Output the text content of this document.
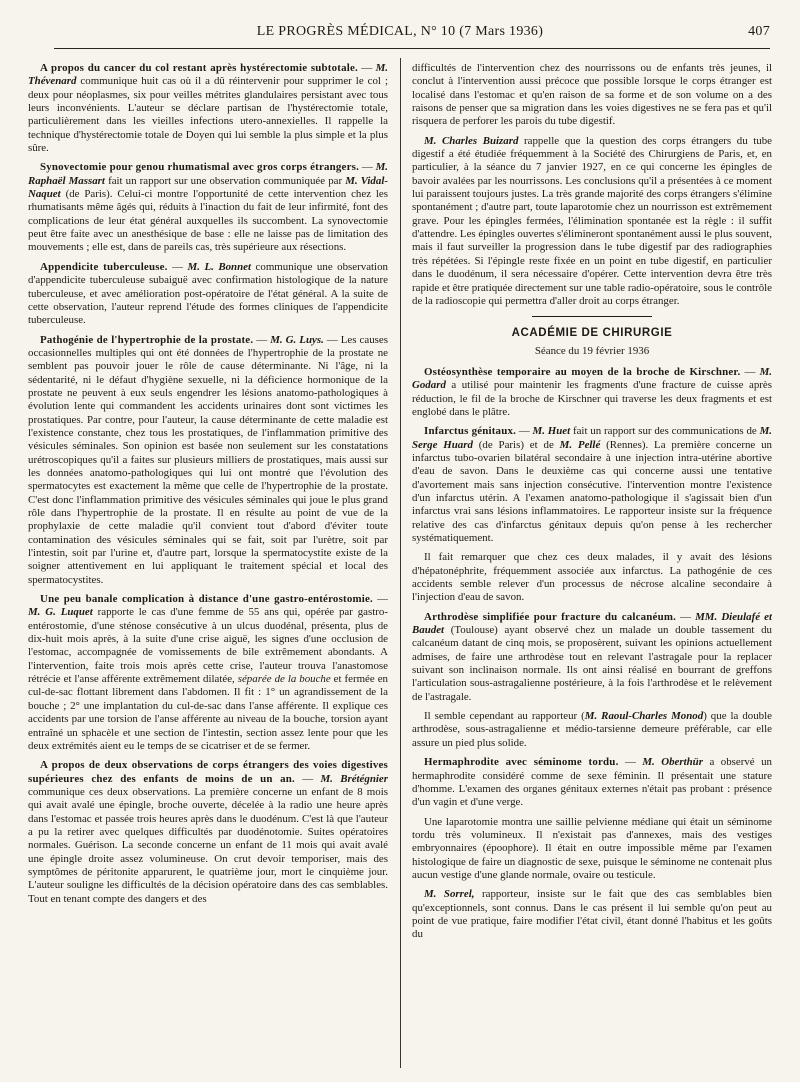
LE PROGRÈS MÉDICAL, N° 10 (7 Mars 1936)	407

A propos du cancer du col restant après hystérectomie subtotale. — M. Thévenard communique huit cas où il a dû réintervenir pour supprimer le col ; deux pour néoplasmes, six pour veilles métrites glandulaires persistant avec tous leurs inconvénients. L'auteur se déclare partisan de l'hystérectomie totale, particulièrement dans les vieilles infections utero-annexielles. Il rappelle la technique d'hystérectomie totale de Doyen qui lui semble la plus simple et la plus sûre.

Synovectomie pour genou rhumatismal avec gros corps étrangers. — M. Raphaël Massart fait un rapport sur une observation communiquée par M. Vidal-Naquet (de Paris). Celui-ci montre l'opportunité de cette intervention chez les rhumatisants même âgés qui, réduits à l'inaction du fait de leur infirmité, font des complications de leur état général auxquelles ils succombent. La synovectomie peut être faite avec un anesthésique de base : elle ne laisse pas de limitation des mouvements ; elle est, dans de pareils cas, très supérieure aux résections.

Appendicite tuberculeuse. — M. L. Bonnet communique une observation d'appendicite tuberculeuse subaiguë avec confirmation histologique de la nature tuberculeuse, et avec amélioration post-opératoire de l'état général. A la suite de cette observation, l'auteur reprend l'étude des formes cliniques de l'appendicite tuberculeuse.

Pathogénie de l'hypertrophie de la prostate. — M. G. Luys. — Les causes occasionnelles multiples qui ont été données de l'hypertrophie de la prostate ne semblent pas pouvoir jouer le rôle de cause déterminante. Ni l'âge, ni la sédentarité, ni le défaut d'hygiène sexuelle, ni la déficience hormonique de la prostate ne peuvent à eux seuls engendrer les lésions anatomo-pathologiques à évolution lente qui commandent les accidents urinaires dont sont victimes les prostatiques. Par contre, pour l'auteur, la cause déterminante de cette maladie est l'existence constante, chez tous les prostatiques, de l'inflammation primitive des vésicules séminales. Son opinion est basée non seulement sur les constatations urétroscopiques qu'il a faites sur plusieurs milliers de prostatiques, mais aussi sur les données anatomo-pathologiques qui lui ont montré que l'évolution des spermatocytes est exactement la même que celle de l'hypertrophie de la prostate. C'est donc l'inflammation primitive des vésicules séminales qui joue le plus grand rôle dans l'hypertrophie de la prostate. Il en résulte au point de vue de la prophylaxie de cette maladie qu'il convient tout d'abord d'éviter toute contamination des vésicules séminales qui se fait, soit par l'urètre, soit par l'intestin, soit par l'urine et, d'autre part, lorsque la spermatocystite existe de la soigner attentivement en lui appliquant le traitement spécial et local des spermatocystites.

Une peu banale complication à distance d'une gastro-entérostomie. — M. G. Luquet rapporte le cas d'une femme de 55 ans qui, opérée par gastro-entérostomie, d'une sténose consécutive à un ulcus duodénal, présenta, plus de dix-huit mois après, à la suite d'une crise aiguë, les signes d'une occlusion de l'estomac, accompagnée de vomissements de bile extrêmement abondants. A l'intervention, faite trois mois après cette crise, l'auteur trouva l'anastomose rétrécie et l'anse afférente extrêmement dilatée, séparée de la bouche et fermée en cul-de-sac flottant librement dans l'abdomen. Il fit : 1° un agrandissement de la bouche ; 2° une implantation du cul-de-sac dans l'anse afférente. Il explique ces accidents par une torsion de l'anse afférente au niveau de la bouche, torsion ayant entraîné un sphacèle et une section de l'intestin, section assez lente pour que les deux extrémités aient eu le temps de se cicatriser et de se fermer.

A propos de deux observations de corps étrangers des voies digestives supérieures chez des enfants de moins de un an. — M. Brétégnier communique ces deux observations. La première concerne un enfant de 8 mois qui avait avalé une épingle, broche ouverte, décelée à la radio une heure après dans l'estomac et passée trois heures après dans le duodénum. C'est là que l'auteur a pu la retirer avec quelques difficultés par duodénotomie. Suites opératoires normales. Guérison. La seconde concerne un enfant de 11 mois qui avait avalé une épingle droite assez volumineuse. On crut devoir temporiser, mais des symptômes de péritonite apparurent, le quatrième jour, mort le cinquième jour. L'auteur souligne les difficultés de la décision opératoire dans des cas semblables. Tout en tenant compte des dangers et des

difficultés de l'intervention chez des nourrissons ou de enfants très jeunes, il conclut à l'intervention aussi précoce que possible lorsque le corps étranger est localisé dans l'estomac et qu'en raison de sa forme et de son volume on a des raisons de penser que sa migration dans les voies digestives ne se fera pas et qu'il risquera de perforer les parois du tube digestif.

M. Charles Buizard rappelle que la question des corps étrangers du tube digestif a été étudiée fréquemment à la Société des Chirurgiens de Paris, et, en particulier, à la séance du 7 janvier 1927, en ce qui concerne les épingles de bavoir avalées par les nourrissons. Les conclusions qu'il a présentées à ce moment lui paraissent toujours justes. La très grande majorité des corps étrangers s'élimine spontanément ; d'autre part, toute laparotomie chez un nourrisson est extrêmement grave. Pour les épingles fermées, l'élimination spontanée est la règle : il suffit d'attendre. Les épingles ouvertes s'élimineront spontanément aussi le plus souvent, mais il faut surveiller la progression dans le tube digestif par des radiographies très répétées. Si l'épingle reste fixée en un point en tube digestif, en particulier dans le duodénum, il sera nécessaire d'opérer. Cette intervention devra être très rapide et être pratiquée directement sur une table radio-opératoire, sous le contrôle de la radioscopie qui permettra d'aller droit au corps étranger.

ACADÉMIE DE CHIRURGIE
Séance du 19 février 1936

Ostéosynthèse temporaire au moyen de la broche de Kirschner. — M. Godard a utilisé pour maintenir les fragments d'une fracture de cuisse après réduction, le fil de la broche de Kirschner qui traverse les deux fragments et est englobé dans le plâtre.

Infarctus génitaux. — M. Huet fait un rapport sur des communications de M. Serge Huard (de Paris) et de M. Pellé (Rennes). La première concerne un infarctus tubo-ovarien bilatéral secondaire à une injection intra-utérine abortive d'eau de savon. Dans le deuxième cas qui concerne aussi une tentative d'avortement mais sans injection consécutive. l'intervention montre l'existence d'un infarctus utérin. A l'examen anatomo-pathologique il s'agissait bien d'un infarctus vrai sans lésions inflammatoires. Le rapporteur insiste sur la fréquence relative des cas d'infarctus génitaux depuis qu'on pense à les rechercher systématiquement.

Il fait remarquer que chez ces deux malades, il y avait des lésions d'hépatonéphrite, fréquemment associée aux infarctus. La pathogénie de ces accidents semble relever d'un processus de nécrose alcaline secondaire à l'injection d'eau de savon.

Arthrodèse simplifiée pour fracture du calcanéum. — MM. Dieulafé et Baudet (Toulouse) ayant observé chez un malade un double tassement du calcanéum datant de cinq mois, se proposèrent, suivant les opinions actuellement admises, de faire une arthrodèse tout en relevant l'astragale pour la replacer suivant son inclinaison normale. Ils ont ainsi réalisé en bourrant de greffons l'articulation sous-astragalienne postérieure, à la fois l'arthrodèse et le relèvement de l'astragale.

Il semble cependant au rapporteur (M. Raoul-Charles Monod) que la double arthrodèse, sous-astragalienne et médio-tarsienne demeure préférable, car elle assure un pied plus solide.

Hermaphrodite avec séminome tordu. — M. Oberthür a observé un hermaphrodite considéré comme de sexe féminin. Il présentait une stature d'homme. L'examen des organes génitaux externes n'était pas probant : présence d'un vagin et d'une verge.

Une laparotomie montra une saillie pelvienne médiane qui était un séminome tordu très volumineux. Il n'existait pas d'annexes, mais des vestiges embryonnaires (époophore). Il était en outre impossible même par l'examen histologique de faire un diagnostic de sexe, puisque le séminome ne contenait plus aucun vestige d'une glande normale, ovaire ou testicule.

M. Sorrel, rapporteur, insiste sur le fait que des cas semblables bien qu'exceptionnels, sont connus. Dans le cas présent il lui semble qu'on peut au point de vue pratique, faire modifier l'état civil, étant donné l'habitus et les goûts du
